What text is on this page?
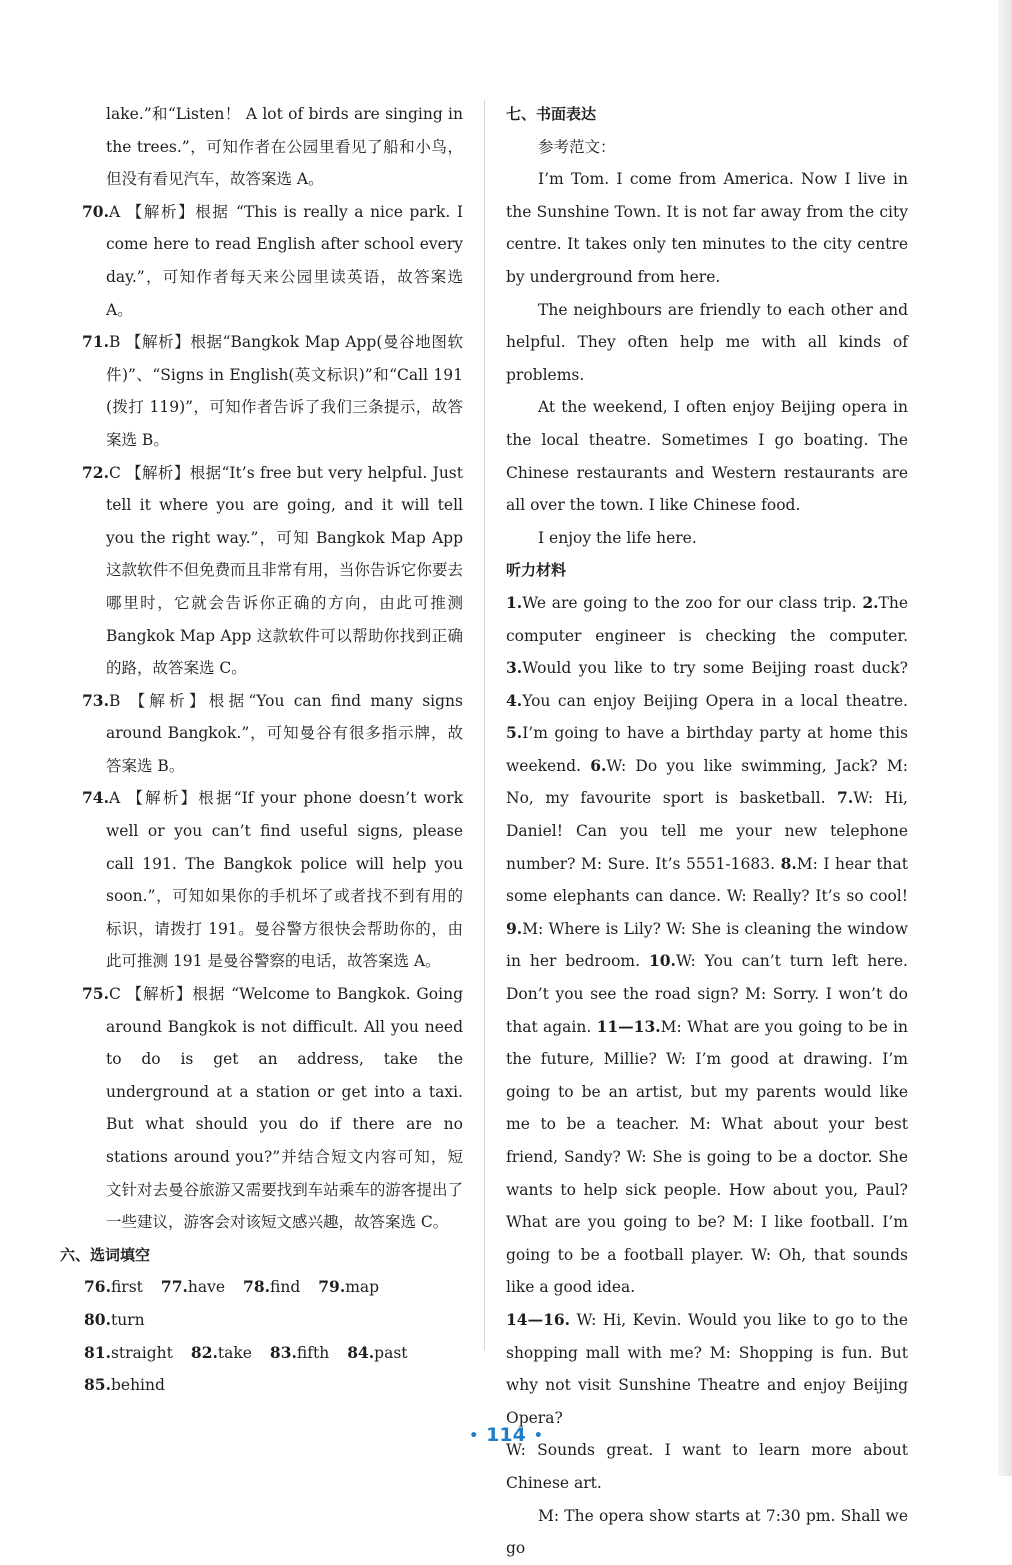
lake.”和“Listen！ A lot of birds are singing in the trees.”，可知作者在公园里看见了船和小鸟，但没有看见汽车，故答案选 A。

70.A 【解析】根据 “This is really a nice park. I come here to read English after school every day.”，可知作者每天来公园里读英语，故答案选 A。

71.B 【解析】根据“Bangkok Map App(曼谷地图软件)”、“Signs in English(英文标识)”和“Call 191 (拨打 119)”，可知作者告诉了我们三条提示，故答案选 B。

72.C 【解析】根据“It’s free but very helpful. Just tell it where you are going, and it will tell you the right way.”，可知 Bangkok Map App 这款软件不但免费而且非常有用，当你告诉它你要去哪里时，它就会告诉你正确的方向，由此可推测 Bangkok Map App 这款软件可以帮助你找到正确的路，故答案选 C。

73.B 【解析】根据“You can find many signs around Bangkok.”，可知曼谷有很多指示牌，故答案选 B。

74.A 【解析】根据“If your phone doesn’t work well or you can’t find useful signs, please call 191. The Bangkok police will help you soon.”，可知如果你的手机坏了或者找不到有用的标识，请拨打 191。曼谷警方很快会帮助你的，由此可推测 191 是曼谷警察的电话，故答案选 A。

75.C 【解析】根据 “Welcome to Bangkok. Going around Bangkok is not difficult. All you need to do is get an address, take the underground at a station or get into a taxi. But what should you do if there are no stations around you?”并结合短文内容可知，短文针对去曼谷旅游又需要找到车站乘车的游客提出了一些建议，游客会对该短文感兴趣，故答案选 C。

六、选词填空

76.first 77.have 78.find 79.map80.turn

81.straight 82.take 83.fifth 84.past

85.behind

七、书面表达

参考范文：

I’m Tom. I come from America. Now I live in the Sunshine Town. It is not far away from the city centre. It takes only ten minutes to the city centre by underground from here.

The neighbours are friendly to each other and helpful. They often help me with all kinds of problems.

At the weekend, I often enjoy Beijing opera in the local theatre. Sometimes I go boating. The Chinese restaurants and Western restaurants are all over the town. I like Chinese food.

I enjoy the life here.

听力材料

1.We are going to the zoo for our class trip. 2.The computer engineer is checking the computer. 3.Would you like to try some Beijing roast duck? 4.You can enjoy Beijing Opera in a local theatre. 5.I’m going to have a birthday party at home this weekend. 6.W: Do you like swimming, Jack? M: No, my favourite sport is basketball. 7.W: Hi, Daniel! Can you tell me your new telephone number? M: Sure. It’s 5551-1683. 8.M: I hear that some elephants can dance. W: Really? It’s so cool! 9.M: Where is Lily? W: She is cleaning the window in her bedroom. 10.W: You can’t turn left here. Don’t you see the road sign? M: Sorry. I won’t do that again. 11—13.M: What are you going to be in the future, Millie? W: I’m good at drawing. I’m going to be an artist, but my parents would like me to be a teacher. M: What about your best friend, Sandy? W: She is going to be a doctor. She wants to help sick people. How about you, Paul? What are you going to be? M: I like football. I’m going to be a football player. W: Oh, that sounds like a good idea.

14—16. W: Hi, Kevin. Would you like to go to the shopping mall with me? M: Shopping is fun. But why not visit Sunshine Theatre and enjoy Beijing Opera?

W: Sounds great. I want to learn more about Chinese art.

M: The opera show starts at 7:30 pm. Shall we go

• 114 •
